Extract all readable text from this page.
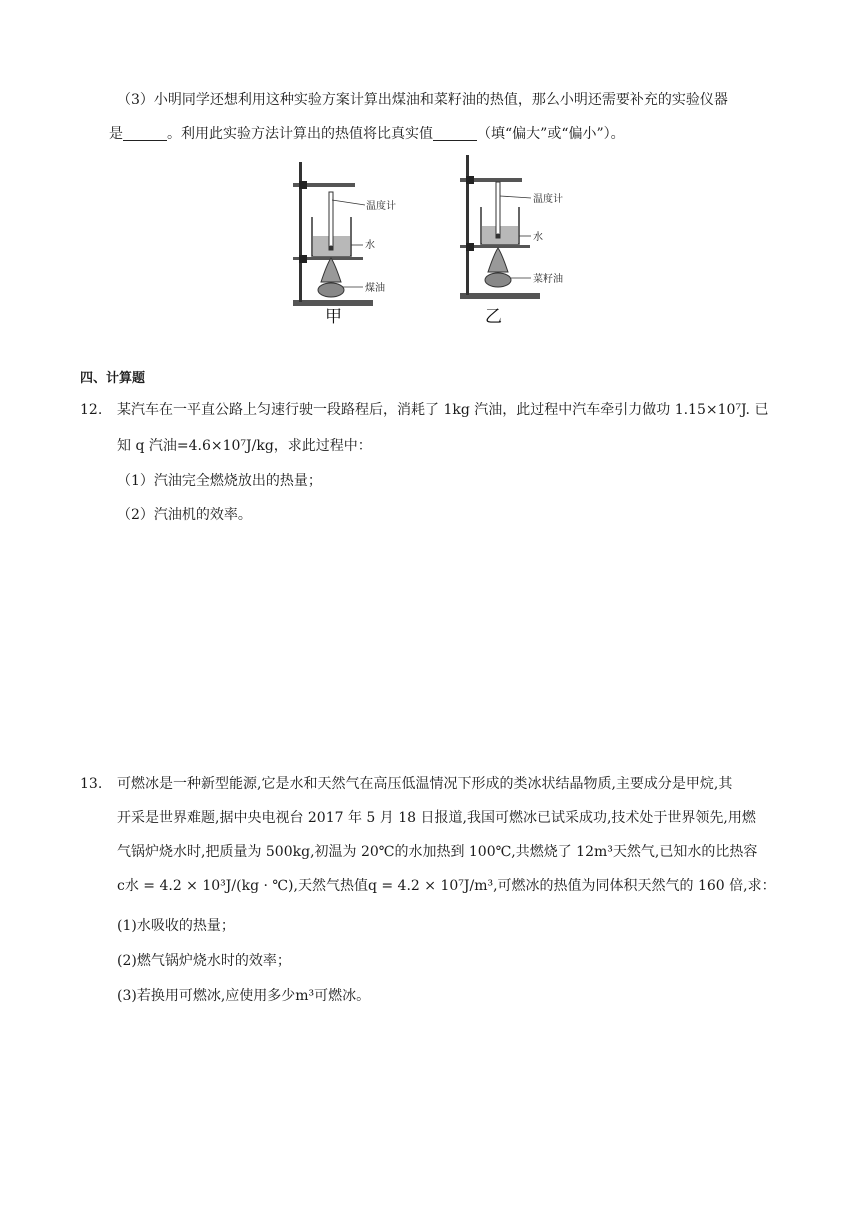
（3）小明同学还想利用这种实验方案计算出煤油和菜籽油的热值，那么小明还需要补充的实验仪器
是	。利用此实验方法计算出的热值将比真实值	（填“偏大”或“偏小”）。
温度计
水
煤油
甲
温度计
水
菜籽油
乙
四、计算题
12. 某汽车在一平直公路上匀速行驶一段路程后，消耗了 1kg 汽油，此过程中汽车牵引力做功 1.15×10⁷J. 已
知 q 汽油=4.6×10⁷J/kg，求此过程中：
（1）汽油完全燃烧放出的热量；
（2）汽油机的效率。
13. 可燃冰是一种新型能源,它是水和天然气在高压低温情况下形成的类冰状结晶物质,主要成分是甲烷,其
开采是世界难题,据中央电视台 2017 年 5 月 18 日报道,我国可燃冰已试采成功,技术处于世界领先,用燃
气锅炉烧水时,把质量为 500kg,初温为 20℃的水加热到 100℃,共燃烧了 12m³天然气,已知水的比热容
c水 = 4.2 × 10³J/(kg · ℃),天然气热值q = 4.2 × 10⁷J/m³,可燃冰的热值为同体积天然气的 160 倍,求：
(1)水吸收的热量；
(2)燃气锅炉烧水时的效率；
(3)若换用可燃冰,应使用多少m³可燃冰。
